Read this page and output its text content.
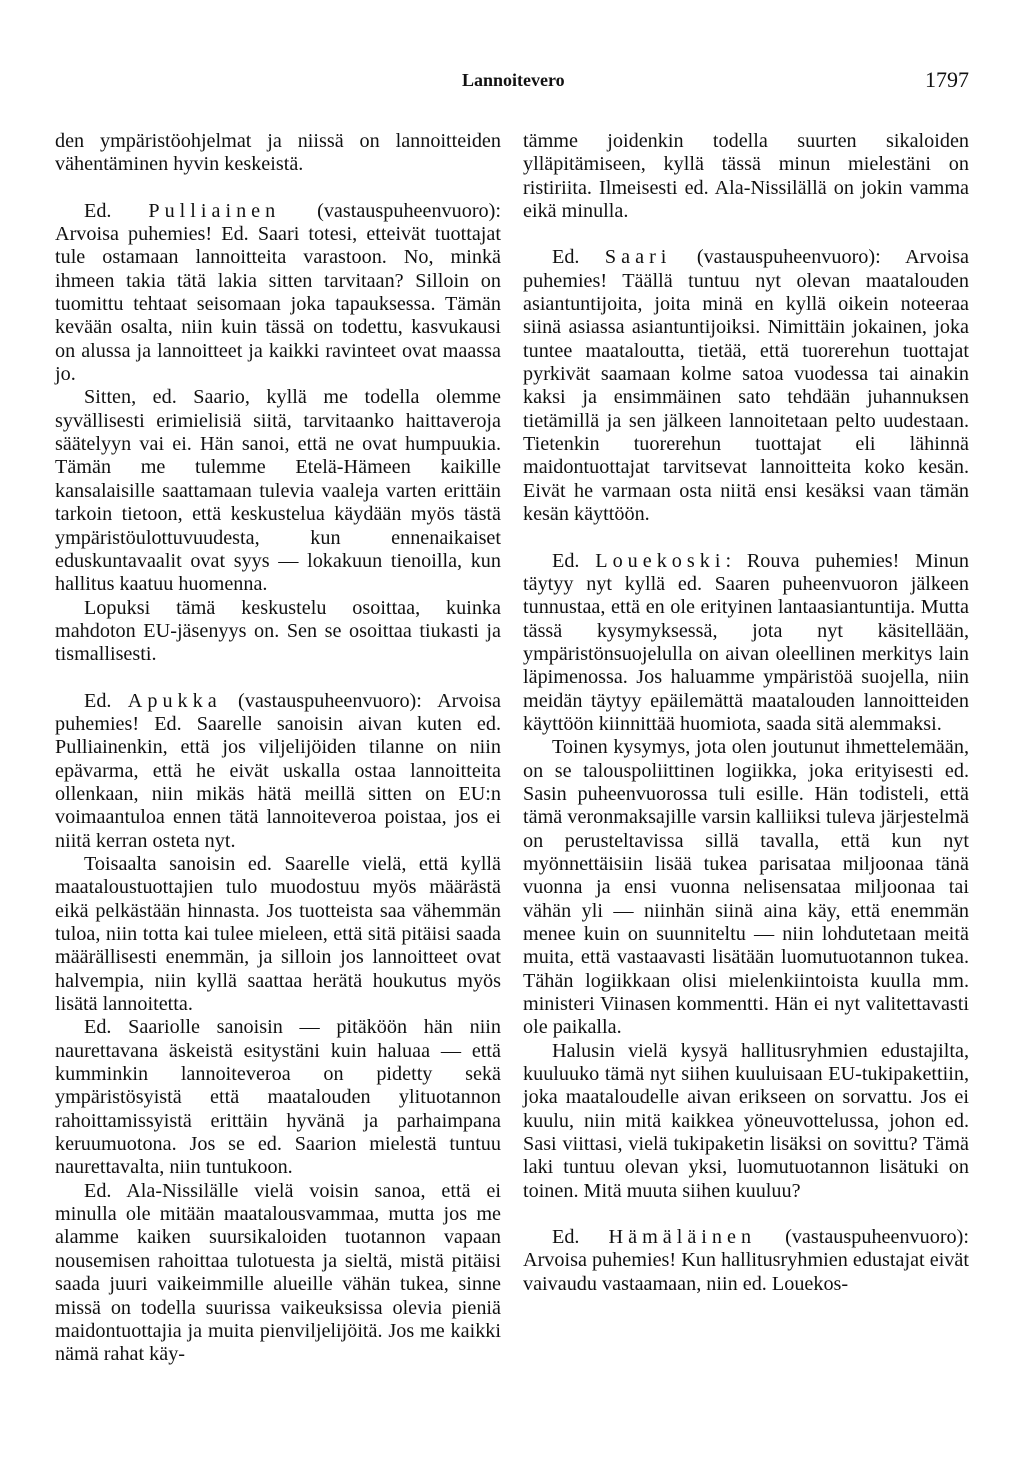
Lannoitevero	1797

den ympäristöohjelmat ja niissä on lannoitteiden vähentäminen hyvin keskeistä.

Ed. Pulliainen (vastauspuheenvuoro): Arvoisa puhemies! Ed. Saari totesi, etteivät tuottajat tule ostamaan lannoitteita varastoon. No, minkä ihmeen takia tätä lakia sitten tarvitaan? Silloin on tuomittu tehtaat seisomaan joka tapauksessa. Tämän kevään osalta, niin kuin tässä on todettu, kasvukausi on alussa ja lannoitteet ja kaikki ravinteet ovat maassa jo.

Sitten, ed. Saario, kyllä me todella olemme syvällisesti erimielisiä siitä, tarvitaanko haittaveroja säätelyyn vai ei. Hän sanoi, että ne ovat humpuukia. Tämän me tulemme Etelä-Hämeen kaikille kansalaisille saattamaan tulevia vaaleja varten erittäin tarkoin tietoon, että keskustelua käydään myös tästä ympäristöulottuvuudesta, kun ennenaikaiset eduskuntavaalit ovat syys — lokakuun tienoilla, kun hallitus kaatuu huomenna.

Lopuksi tämä keskustelu osoittaa, kuinka mahdoton EU-jäsenyys on. Sen se osoittaa tiukasti ja tismallisesti.

Ed. Apukka (vastauspuheenvuoro): Arvoisa puhemies! Ed. Saarelle sanoisin aivan kuten ed. Pulliainenkin, että jos viljelijöiden tilanne on niin epävarma, että he eivät uskalla ostaa lannoitteita ollenkaan, niin mikäs hätä meillä sitten on EU:n voimaantuloa ennen tätä lannoiteveroa poistaa, jos ei niitä kerran osteta nyt.

Toisaalta sanoisin ed. Saarelle vielä, että kyllä maataloustuottajien tulo muodostuu myös määrästä eikä pelkästään hinnasta. Jos tuotteista saa vähemmän tuloa, niin totta kai tulee mieleen, että sitä pitäisi saada määrällisesti enemmän, ja silloin jos lannoitteet ovat halvempia, niin kyllä saattaa herätä houkutus myös lisätä lannoitetta.

Ed. Saariolle sanoisin — pitäköön hän niin naurettavana äskeistä esitystäni kuin haluaa — että kumminkin lannoiteveroa on pidetty sekä ympäristösyistä että maatalouden ylituotannon rahoittamissyistä erittäin hyvänä ja parhaimpana keruumuotona. Jos se ed. Saarion mielestä tuntuu naurettavalta, niin tuntukoon.

Ed. Ala-Nissilälle vielä voisin sanoa, että ei minulla ole mitään maatalousvammaa, mutta jos me alamme kaiken suursikaloiden tuotannon vapaan nousemisen rahoittaa tulotuesta ja sieltä, mistä pitäisi saada juuri vaikeimmille alueille vähän tukea, sinne missä on todella suurissa vaikeuksissa olevia pieniä maidontuottajia ja muita pienviljelijöitä. Jos me kaikki nämä rahat käy-

tämme joidenkin todella suurten sikaloiden ylläpitämiseen, kyllä tässä minun mielestäni on ristiriita. Ilmeisesti ed. Ala-Nissilällä on jokin vamma eikä minulla.

Ed. Saari (vastauspuheenvuoro): Arvoisa puhemies! Täällä tuntuu nyt olevan maatalouden asiantuntijoita, joita minä en kyllä oikein noteeraa siinä asiassa asiantuntijoiksi. Nimittäin jokainen, joka tuntee maataloutta, tietää, että tuorerehun tuottajat pyrkivät saamaan kolme satoa vuodessa tai ainakin kaksi ja ensimmäinen sato tehdään juhannuksen tietämillä ja sen jälkeen lannoitetaan pelto uudestaan. Tietenkin tuorerehun tuottajat eli lähinnä maidontuottajat tarvitsevat lannoitteita koko kesän. Eivät he varmaan osta niitä ensi kesäksi vaan tämän kesän käyttöön.

Ed. Louekoski: Rouva puhemies! Minun täytyy nyt kyllä ed. Saaren puheenvuoron jälkeen tunnustaa, että en ole erityinen lantaasiantuntija. Mutta tässä kysymyksessä, jota nyt käsitellään, ympäristönsuojelulla on aivan oleellinen merkitys lain läpimenossa. Jos haluamme ympäristöä suojella, niin meidän täytyy epäilemättä maatalouden lannoitteiden käyttöön kiinnittää huomiota, saada sitä alemmaksi.

Toinen kysymys, jota olen joutunut ihmettelemään, on se talouspoliittinen logiikka, joka erityisesti ed. Sasin puheenvuorossa tuli esille. Hän todisteli, että tämä veronmaksajille varsin kalliiksi tuleva järjestelmä on perusteltavissa sillä tavalla, että kun nyt myönnettäisiin lisää tukea parisataa miljoonaa tänä vuonna ja ensi vuonna nelisensataa miljoonaa tai vähän yli — niinhän siinä aina käy, että enemmän menee kuin on suunniteltu — niin lohdutetaan meitä muita, että vastaavasti lisätään luomutuotannon tukea. Tähän logiikkaan olisi mielenkiintoista kuulla mm. ministeri Viinasen kommentti. Hän ei nyt valitettavasti ole paikalla.

Halusin vielä kysyä hallitusryhmien edustajilta, kuuluuko tämä nyt siihen kuuluisaan EU-tukipakettiin, joka maataloudelle aivan erikseen on sorvattu. Jos ei kuulu, niin mitä kaikkea yöneuvottelussa, johon ed. Sasi viittasi, vielä tukipaketin lisäksi on sovittu? Tämä laki tuntuu olevan yksi, luomutuotannon lisätuki on toinen. Mitä muuta siihen kuuluu?

Ed. Hämäläinen (vastauspuheenvuoro): Arvoisa puhemies! Kun hallitusryhmien edustajat eivät vaivaudu vastaamaan, niin ed. Louekos-
